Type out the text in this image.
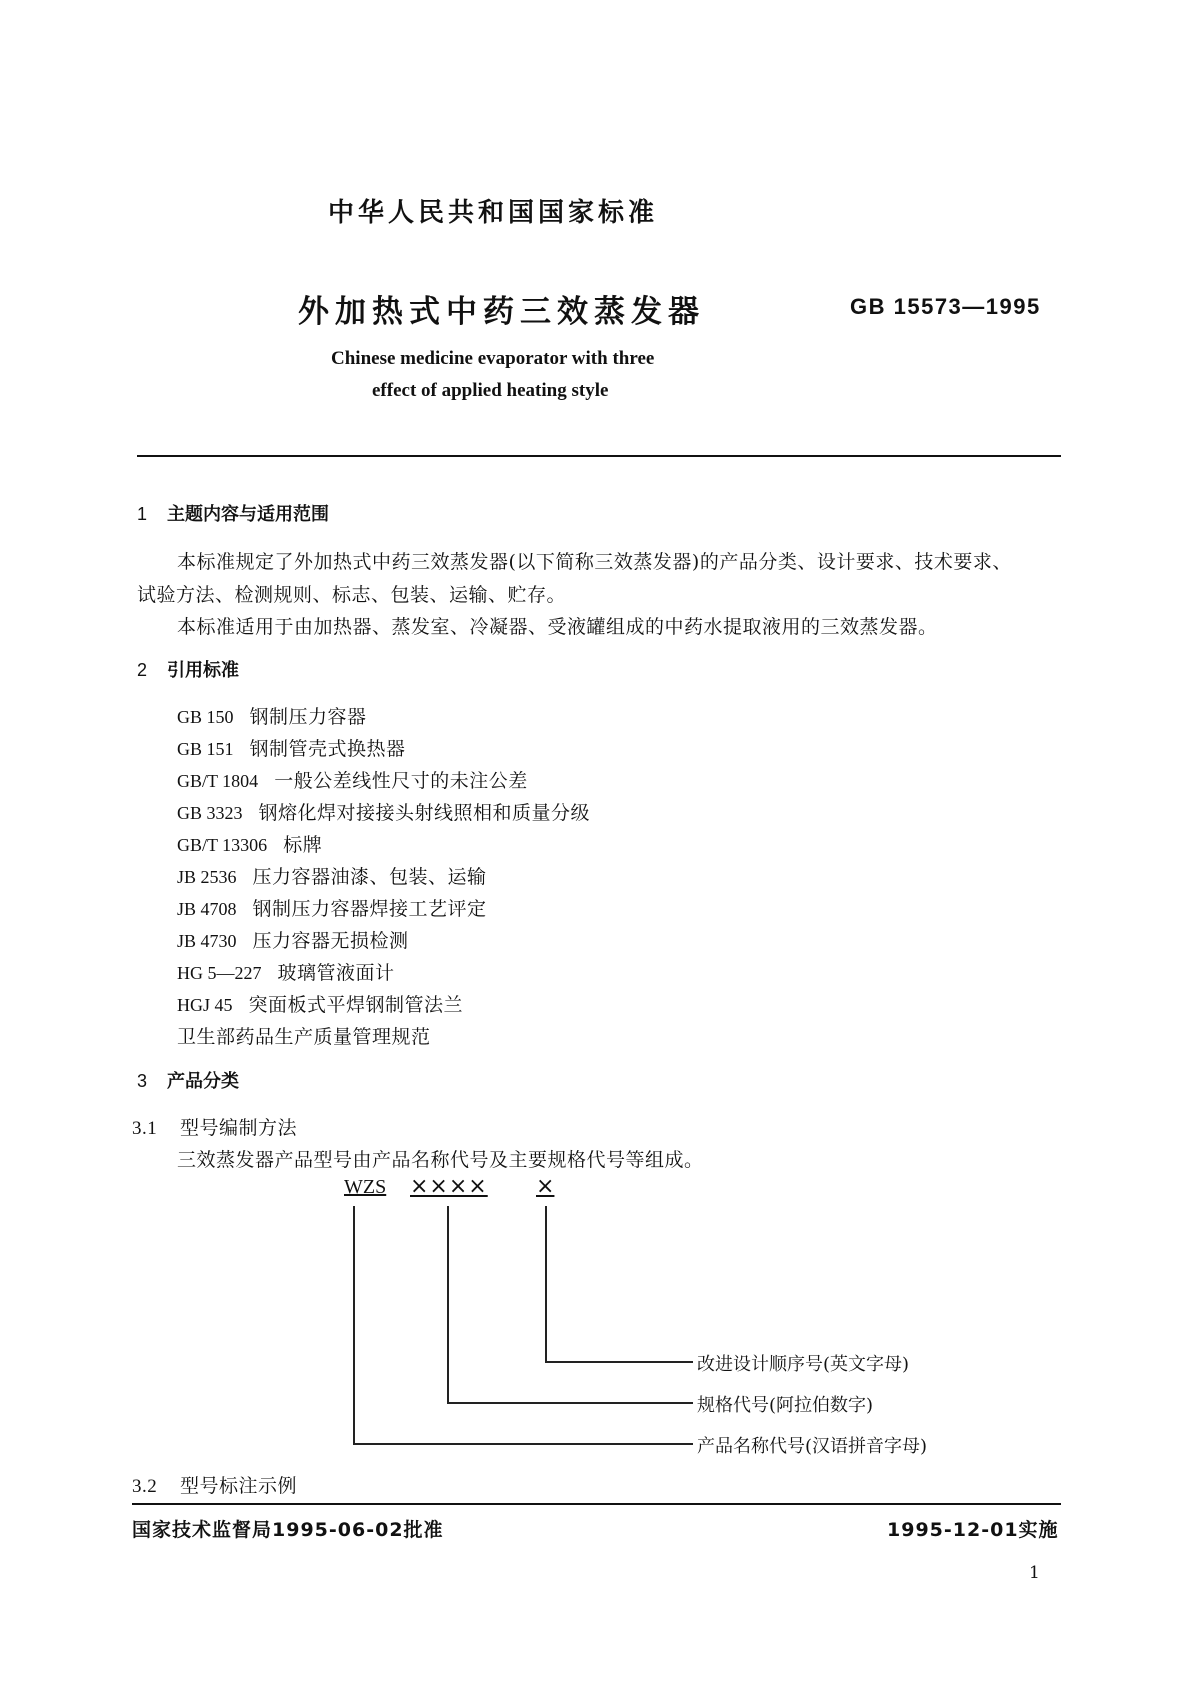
中华人民共和国国家标准
外加热式中药三效蒸发器	GB 15573—1995
Chinese medicine evaporator with three
effect of applied heating style
1 主题内容与适用范围
本标准规定了外加热式中药三效蒸发器(以下简称三效蒸发器)的产品分类、设计要求、技术要求、
试验方法、检测规则、标志、包装、运输、贮存。
本标准适用于由加热器、蒸发室、冷凝器、受液罐组成的中药水提取液用的三效蒸发器。
2 引用标准
GB 150 钢制压力容器
GB 151 钢制管壳式换热器
GB/T 1804 一般公差线性尺寸的未注公差
GB 3323 钢熔化焊对接接头射线照相和质量分级
GB/T 13306 标牌
JB 2536 压力容器油漆、包装、运输
JB 4708 钢制压力容器焊接工艺评定
JB 4730 压力容器无损检测
HG 5—227 玻璃管液面计
HGJ 45 突面板式平焊钢制管法兰
卫生部药品生产质量管理规范
3 产品分类
3.1 型号编制方法
三效蒸发器产品型号由产品名称代号及主要规格代号等组成。
WZS ×××× ×
改进设计顺序号(英文字母)
规格代号(阿拉伯数字)
产品名称代号(汉语拼音字母)
3.2 型号标注示例
国家技术监督局1995-06-02批准	1995-12-01实施
1
